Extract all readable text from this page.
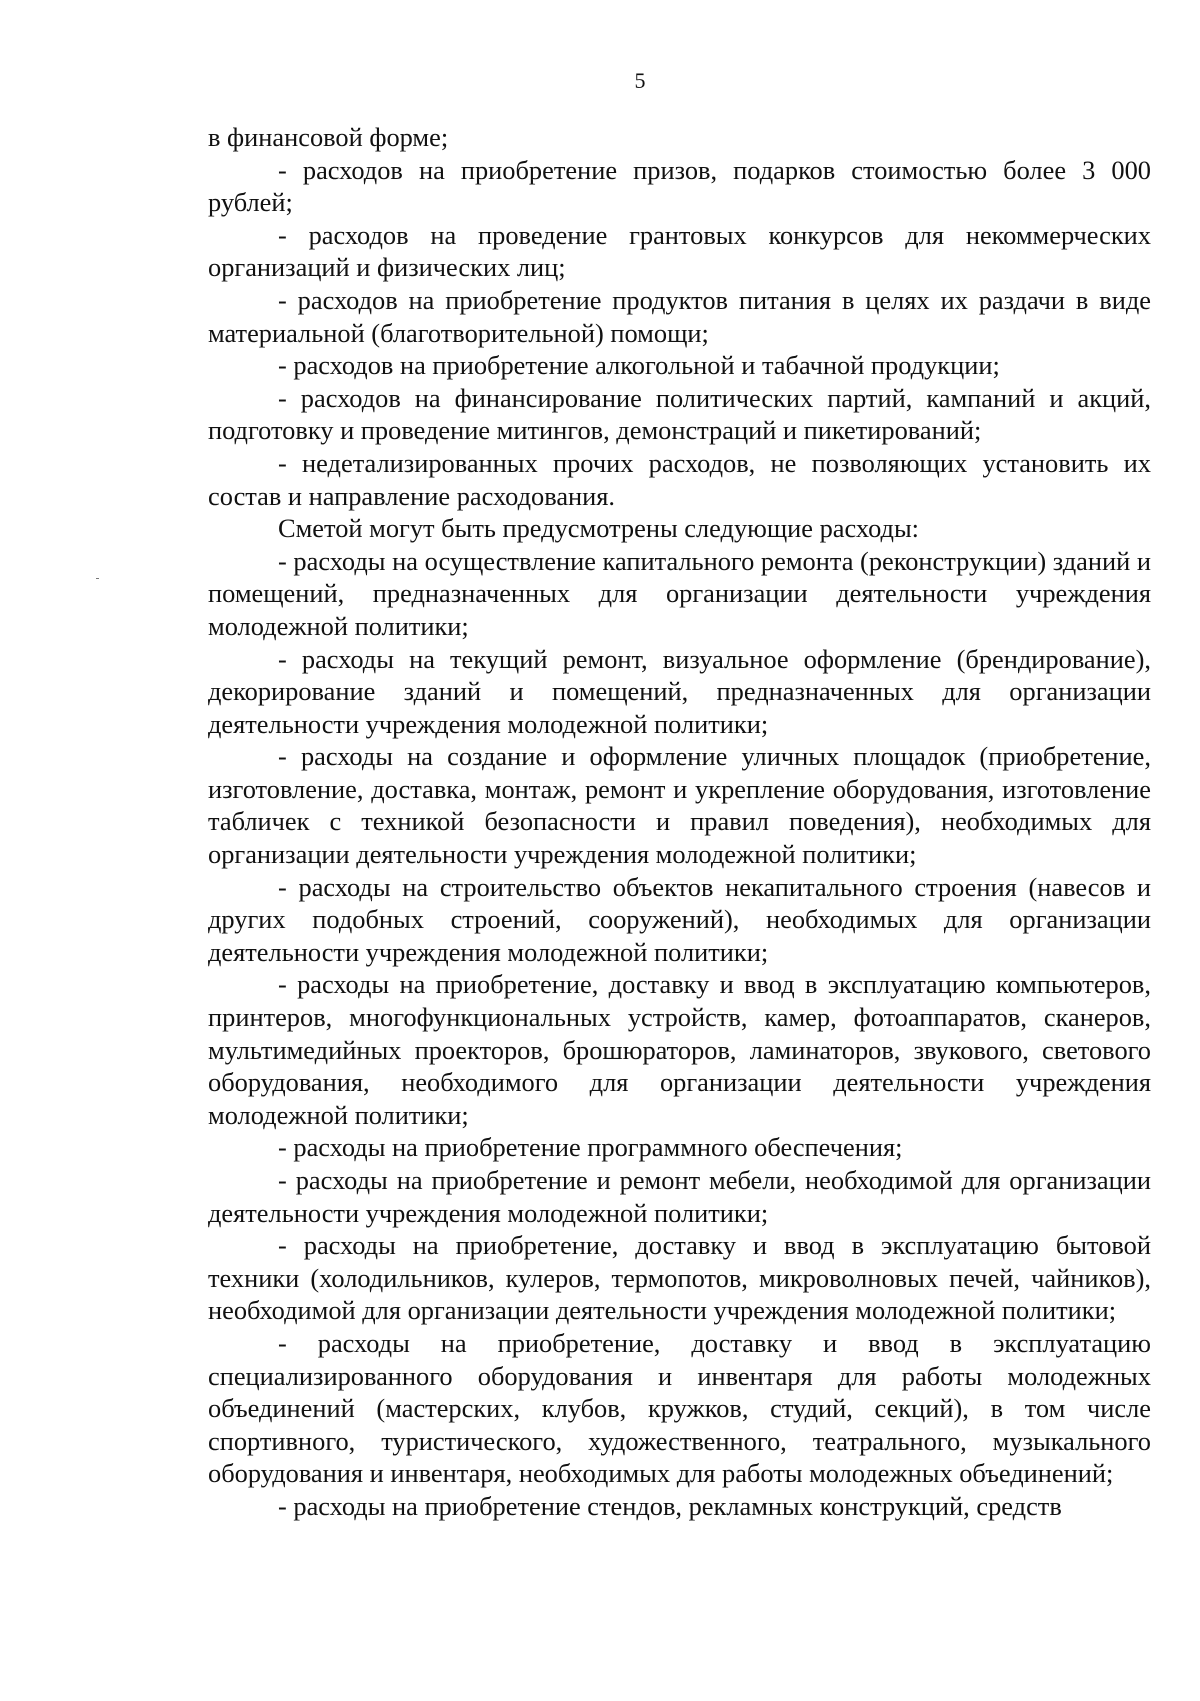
5

в финансовой форме;

- расходов на приобретение призов, подарков стоимостью более 3 000 рублей;

- расходов на проведение грантовых конкурсов для некоммерческих организаций и физических лиц;

- расходов на приобретение продуктов питания в целях их раздачи в виде материальной (благотворительной) помощи;

- расходов на приобретение алкогольной и табачной продукции;

- расходов на финансирование политических партий, кампаний и акций, подготовку и проведение митингов, демонстраций и пикетирований;

- недетализированных прочих расходов, не позволяющих установить их состав и направление расходования.

Сметой могут быть предусмотрены следующие расходы:

- расходы на осуществление капитального ремонта (реконструкции) зданий и помещений, предназначенных для организации деятельности учреждения молодежной политики;

- расходы на текущий ремонт, визуальное оформление (брендирование), декорирование зданий и помещений, предназначенных для организации деятельности учреждения молодежной политики;

- расходы на создание и оформление уличных площадок (приобретение, изготовление, доставка, монтаж, ремонт и укрепление оборудования, изготовление табличек с техникой безопасности и правил поведения), необходимых для организации деятельности учреждения молодежной политики;

- расходы на строительство объектов некапитального строения (навесов и других подобных строений, сооружений), необходимых для организации деятельности учреждения молодежной политики;

- расходы на приобретение, доставку и ввод в эксплуатацию компьютеров, принтеров, многофункциональных устройств, камер, фотоаппаратов, сканеров, мультимедийных проекторов, брошюраторов, ламинаторов, звукового, светового оборудования, необходимого для организации деятельности учреждения молодежной политики;

- расходы на приобретение программного обеспечения;

- расходы на приобретение и ремонт мебели, необходимой для организации деятельности учреждения молодежной политики;

- расходы на приобретение, доставку и ввод в эксплуатацию бытовой техники (холодильников, кулеров, термопотов, микроволновых печей, чайников), необходимой для организации деятельности учреждения молодежной политики;

- расходы на приобретение, доставку и ввод в эксплуатацию специализированного оборудования и инвентаря для работы молодежных объединений (мастерских, клубов, кружков, студий, секций), в том числе спортивного, туристического, художественного, театрального, музыкального оборудования и инвентаря, необходимых для работы молодежных объединений;

- расходы на приобретение стендов, рекламных конструкций, средств
